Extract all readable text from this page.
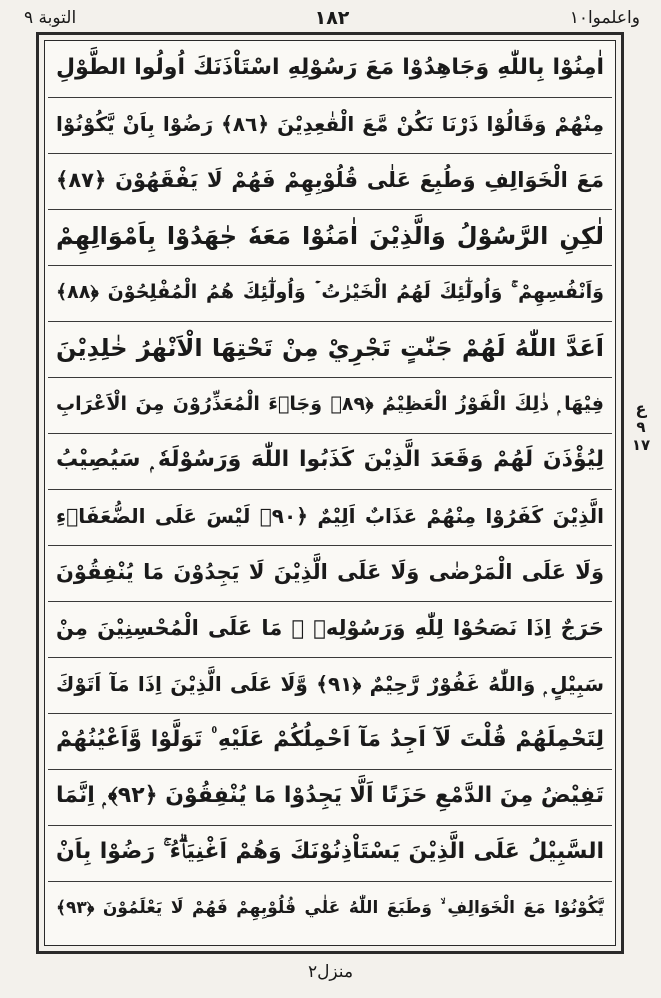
واعلموا١٠
١٨٢
التوبة ٩
اٰمِنُوْا بِاللّٰهِ وَجَاهِدُوْا مَعَ رَسُوْلِهِ اسْتَاْذَنَكَ اُولُوا الطَّوْلِ
مِنْهُمْ وَقَالُوْا ذَرْنَا نَكُنْ مَّعَ الْقٰعِدِيْنَ ﴿٨٦﴾ رَضُوْا بِاَنْ يَّكُوْنُوْا
مَعَ الْخَوَالِفِ وَطُبِعَ عَلٰى قُلُوْبِهِمْ فَهُمْ لَا يَفْقَهُوْنَ ﴿٨٧﴾
لٰكِنِ الرَّسُوْلُ وَالَّذِيْنَ اٰمَنُوْا مَعَهٗ جٰهَدُوْا بِاَمْوَالِهِمْ
وَاَنْفُسِهِمْ ۚ وَاُولٰٓئِكَ لَهُمُ الْخَيْرٰتُ ۡ وَاُولٰٓئِكَ هُمُ الْمُفْلِحُوْنَ ﴿٨٨﴾
اَعَدَّ اللّٰهُ لَهُمْ جَنّٰتٍ تَجْرِيْ مِنْ تَحْتِهَا الْاَنْهٰرُ خٰلِدِيْنَ
فِيْهَا ۭ ذٰلِكَ الْفَوْزُ الْعَظِيْمُ ﴿٨٩﴾ وَجَاۗءَ الْمُعَذِّرُوْنَ مِنَ الْاَعْرَابِ
لِيُؤْذَنَ لَهُمْ وَقَعَدَ الَّذِيْنَ كَذَبُوا اللّٰهَ وَرَسُوْلَهٗ ۭ سَيُصِيْبُ
الَّذِيْنَ كَفَرُوْا مِنْهُمْ عَذَابٌ اَلِيْمٌ ﴿٩٠﴾ لَيْسَ عَلَى الضُّعَفَاۗءِ
وَلَا عَلَى الْمَرْضٰى وَلَا عَلَى الَّذِيْنَ لَا يَجِدُوْنَ مَا يُنْفِقُوْنَ
حَرَجٌ اِذَا نَصَحُوْا لِلّٰهِ وَرَسُوْلِهٖ ۭ مَا عَلَى الْمُحْسِنِيْنَ مِنْ
سَبِيْلٍ ۭ وَاللّٰهُ غَفُوْرٌ رَّحِيْمٌ ﴿٩١﴾ وَّلَا عَلَى الَّذِيْنَ اِذَا مَآ اَتَوْكَ
لِتَحْمِلَهُمْ قُلْتَ لَآ اَجِدُ مَآ اَحْمِلُكُمْ عَلَيْهِ ۠ تَوَلَّوْا وَّاَعْيُنُهُمْ
تَفِيْضُ مِنَ الدَّمْعِ حَزَنًا اَلَّا يَجِدُوْا مَا يُنْفِقُوْنَ ﴿٩٢﴾ ۭ اِنَّمَا
السَّبِيْلُ عَلَى الَّذِيْنَ يَسْتَاْذِنُوْنَكَ وَهُمْ اَغْنِيَاۗءُ ۚ رَضُوْا بِاَنْ
يَّكُوْنُوْا مَعَ الْخَوَالِفِ ۙ وَطَبَعَ اللّٰهُ عَلٰي قُلُوْبِهِمْ فَهُمْ لَا يَعْلَمُوْنَ ﴿٩٣﴾
ع
٩
١٧
منزل٢
